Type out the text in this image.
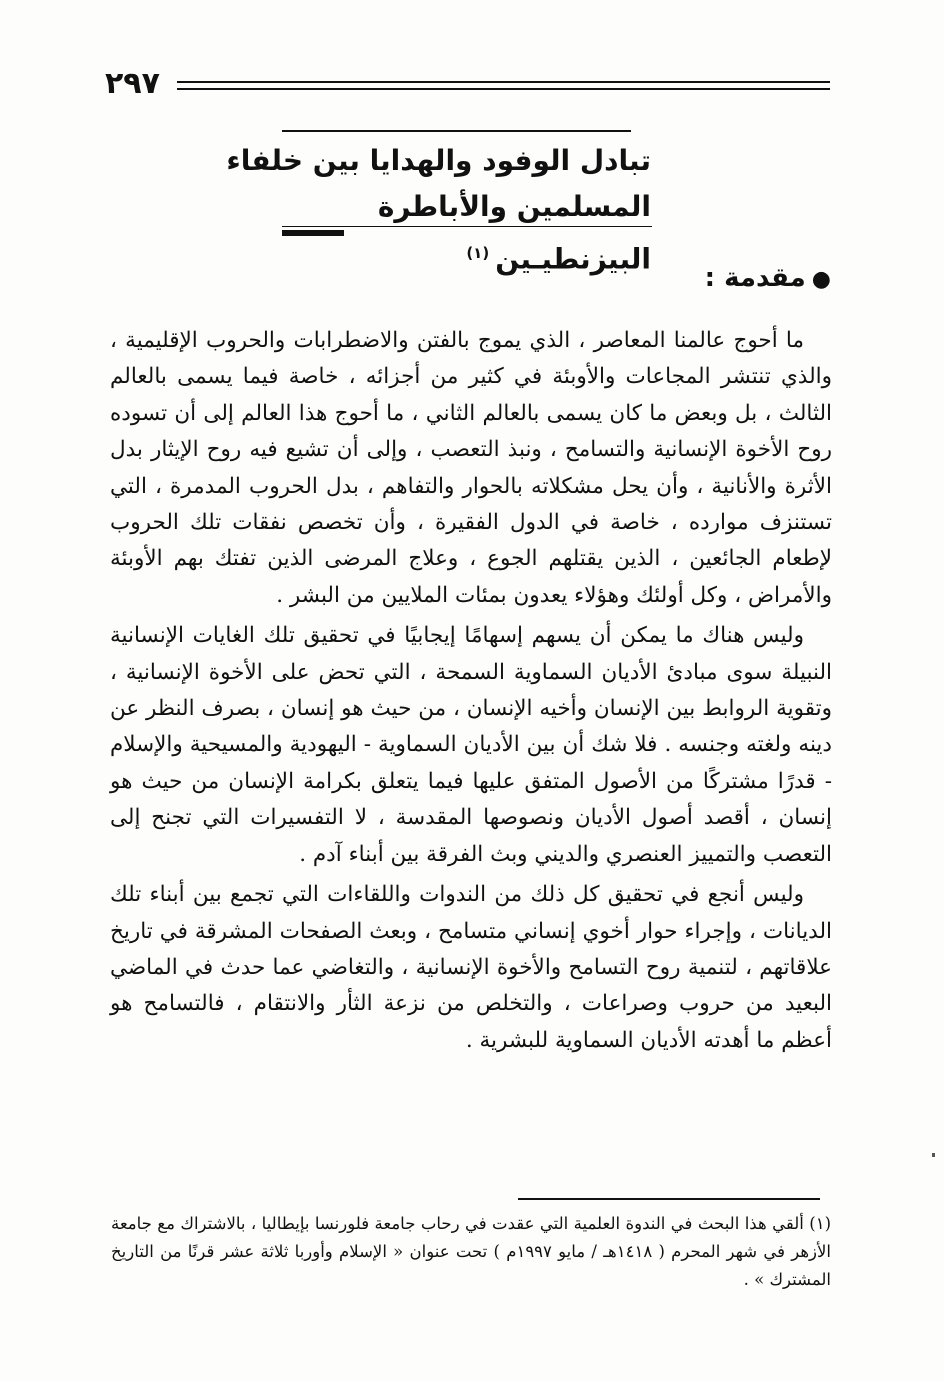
٢٩٧
تبادل الوفود والهدايا بين خلفاء
المسلمين والأباطرة البيزنطيـين$^{(١)}$
●مقدمة :

ما أحوج عالمنا المعاصر ، الذي يموج بالفتن والاضطرابات والحروب الإقليمية ، والذي تنتشر المجاعات والأوبئة في كثير من أجزائه ، خاصة فيما يسمى بالعالم الثالث ، بل وبعض ما كان يسمى بالعالم الثاني ، ما أحوج هذا العالم إلى أن تسوده روح الأخوة الإنسانية والتسامح ، ونبذ التعصب ، وإلى أن تشيع فيه روح الإيثار بدل الأثرة والأنانية ، وأن يحل مشكلاته بالحوار والتفاهم ، بدل الحروب المدمرة ، التي تستنزف موارده ، خاصة في الدول الفقيرة ، وأن تخصص نفقات تلك الحروب لإطعام الجائعين ، الذين يقتلهم الجوع ، وعلاج المرضى الذين تفتك بهم الأوبئة والأمراض ، وكل أولئك وهؤلاء يعدون بمئات الملايين من البشر .

وليس هناك ما يمكن أن يسهم إسهامًا إيجابيًا في تحقيق تلك الغايات الإنسانية النبيلة سوى مبادئ الأديان السماوية السمحة ، التي تحض على الأخوة الإنسانية ، وتقوية الروابط بين الإنسان وأخيه الإنسان ، من حيث هو إنسان ، بصرف النظر عن دينه ولغته وجنسه . فلا شك أن بين الأديان السماوية - اليهودية والمسيحية والإسلام - قدرًا مشتركًا من الأصول المتفق عليها فيما يتعلق بكرامة الإنسان من حيث هو إنسان ، أقصد أصول الأديان ونصوصها المقدسة ، لا التفسيرات التي تجنح إلى التعصب والتمييز العنصري والديني وبث الفرقة بين أبناء آدم .

وليس أنجع في تحقيق كل ذلك من الندوات واللقاءات التي تجمع بين أبناء تلك الديانات ، وإجراء حوار أخوي إنساني متسامح ، وبعث الصفحات المشرقة في تاريخ علاقاتهم ، لتنمية روح التسامح والأخوة الإنسانية ، والتغاضي عما حدث في الماضي البعيد من حروب وصراعات ، والتخلص من نزعة الثأر والانتقام ، فالتسامح هو أعظم ما أهدته الأديان السماوية للبشرية .

(١) ألقي هذا البحث في الندوة العلمية التي عقدت في رحاب جامعة فلورنسا بإيطاليا ، بالاشتراك مع جامعة الأزهر في شهر المحرم ( ١٤١٨هـ / مايو ١٩٩٧م ) تحت عنوان « الإسلام وأوربا ثلاثة عشر قرنًا من التاريخ المشترك » .
